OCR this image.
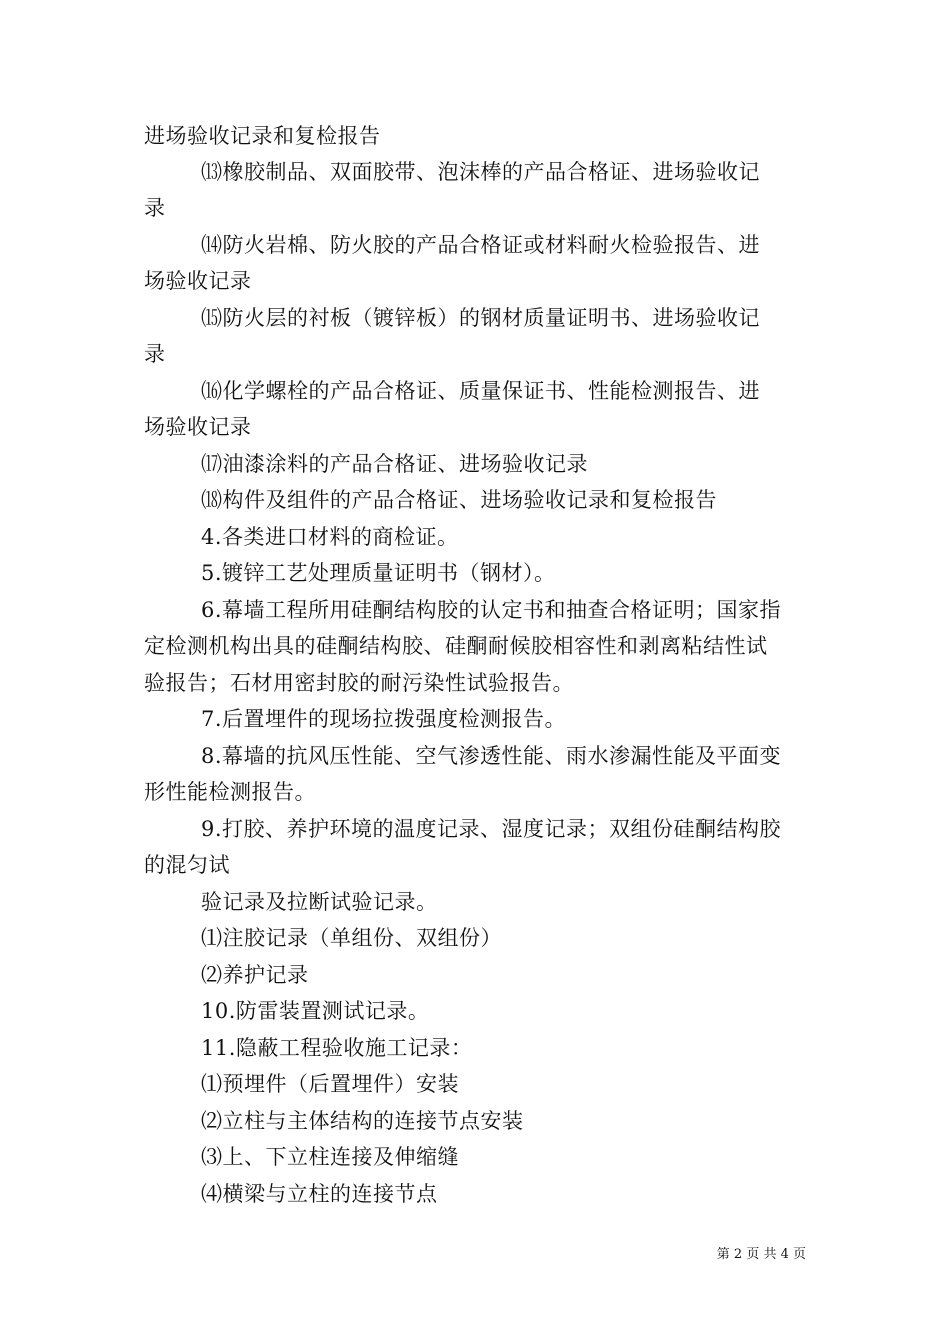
进场验收记录和复检报告
⒀橡胶制品、双面胶带、泡沫棒的产品合格证、进场验收记
录
⒁防火岩棉、防火胶的产品合格证或材料耐火检验报告、进
场验收记录
⒂防火层的衬板（镀锌板）的钢材质量证明书、进场验收记
录
⒃化学螺栓的产品合格证、质量保证书、性能检测报告、进
场验收记录
⒄油漆涂料的产品合格证、进场验收记录
⒅构件及组件的产品合格证、进场验收记录和复检报告
4.各类进口材料的商检证。
5.镀锌工艺处理质量证明书（钢材）。
6.幕墙工程所用硅酮结构胶的认定书和抽查合格证明；国家指
定检测机构出具的硅酮结构胶、硅酮耐候胶相容性和剥离粘结性试
验报告；石材用密封胶的耐污染性试验报告。
7.后置埋件的现场拉拨强度检测报告。
8.幕墙的抗风压性能、空气渗透性能、雨水渗漏性能及平面变
形性能检测报告。
9.打胶、养护环境的温度记录、湿度记录；双组份硅酮结构胶
的混匀试
验记录及拉断试验记录。
⑴注胶记录（单组份、双组份）
⑵养护记录
10.防雷装置测试记录。
11.隐蔽工程验收施工记录：
⑴预埋件（后置埋件）安装
⑵立柱与主体结构的连接节点安装
⑶上、下立柱连接及伸缩缝
⑷横梁与立柱的连接节点
第 2 页 共 4 页
